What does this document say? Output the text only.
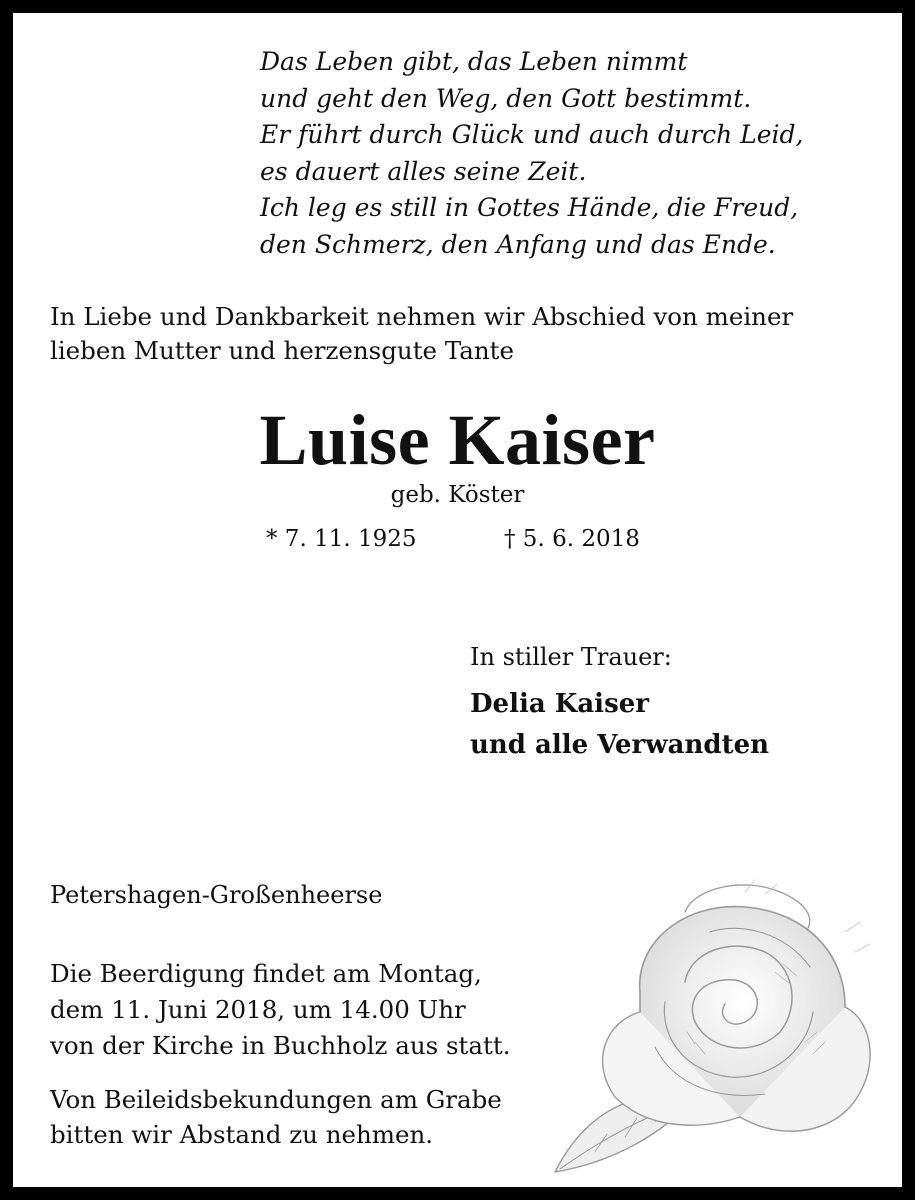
Das Leben gibt, das Leben nimmt
und geht den Weg, den Gott bestimmt.
Er führt durch Glück und auch durch Leid,
es dauert alles seine Zeit.
Ich leg es still in Gottes Hände, die Freud,
den Schmerz, den Anfang und das Ende.
In Liebe und Dankbarkeit nehmen wir Abschied von meiner
lieben Mutter und herzensgute Tante
Luise Kaiser
geb. Köster
* 7. 11. 1925	† 5. 6. 2018
In stiller Trauer:
Delia Kaiser
und alle Verwandten
Petershagen-Großenheerse
Die Beerdigung findet am Montag,
dem 11. Juni 2018, um 14.00 Uhr
von der Kirche in Buchholz aus statt.
Von Beileidsbekundungen am Grabe
bitten wir Abstand zu nehmen.
